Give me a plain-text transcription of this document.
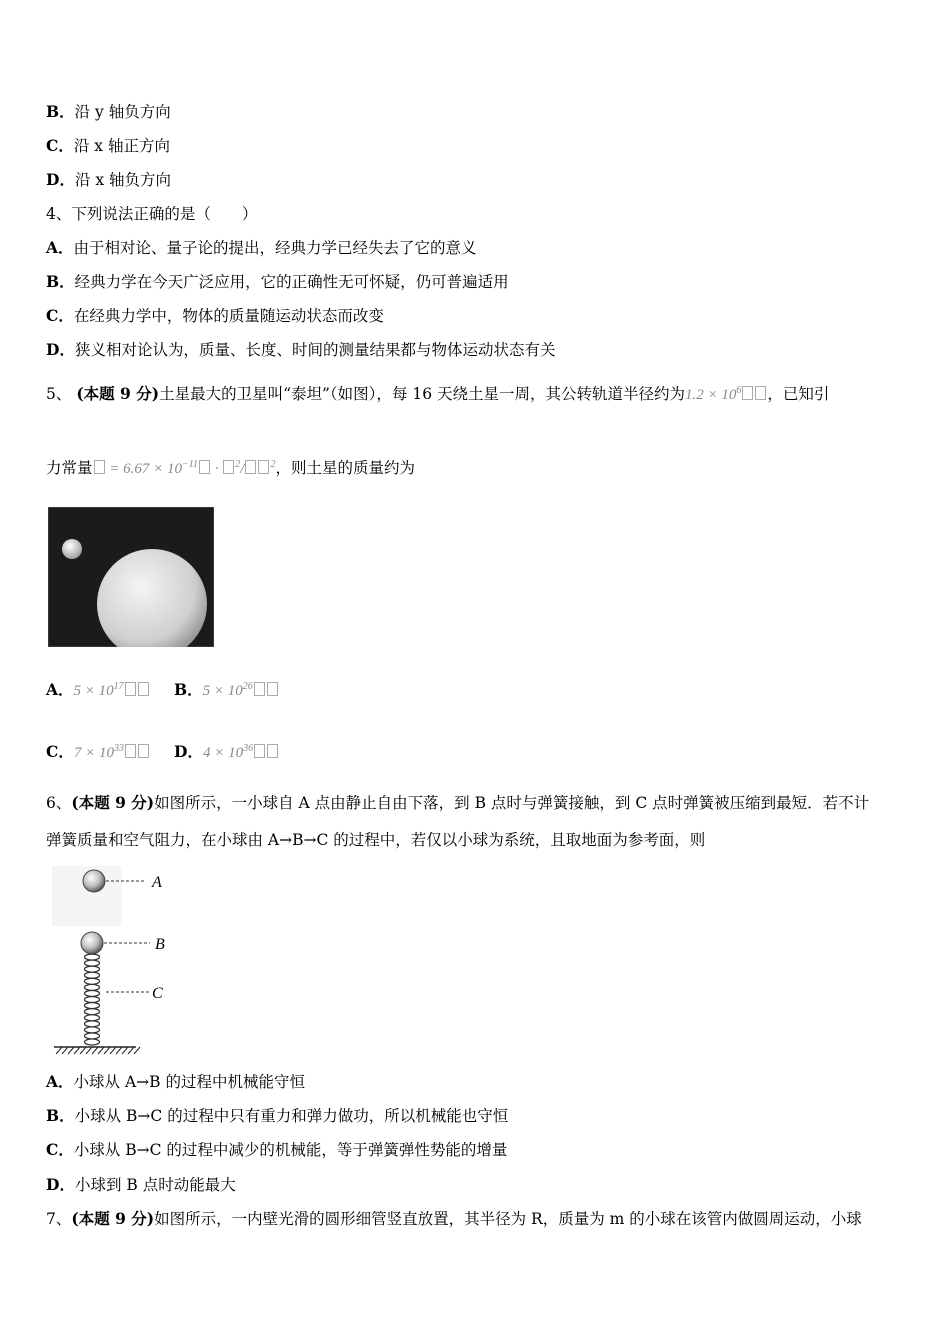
B．沿 y 轴负方向
C．沿 x 轴正方向
D．沿 x 轴负方向
4、下列说法正确的是（　　）
A．由于相对论、量子论的提出，经典力学已经失去了它的意义
B．经典力学在今天广泛应用，它的正确性无可怀疑，仍可普遍适用
C．在经典力学中，物体的质量随运动状态而改变
D．狭义相对论认为，质量、长度、时间的测量结果都与物体运动状态有关
5、 (本题 9 分)土星最大的卫星叫“泰坦”（如图），每 16 天绕土星一周，其公转轨道半径约为$1.2 \times 10^6$ ，已知引
力常量 = $6.67 \times 10^{-11} \cdot ^2/$	$^2$，则土星的质量约为
A．$5 \times 10^{17}$	B．$5 \times 10^{26}$
C．$7 \times 10^{33}$	D．$4 \times 10^{36}$
6、(本题 9 分)如图所示，一小球自 A 点由静止自由下落，到 B 点时与弹簧接触，到 C 点时弹簧被压缩到最短．若不计
弹簧质量和空气阻力，在小球由 A→B→C 的过程中，若仅以小球为系统，且取地面为参考面，则
A
B
C
A．小球从 A→B 的过程中机械能守恒
B．小球从 B→C 的过程中只有重力和弹力做功，所以机械能也守恒
C．小球从 B→C 的过程中减少的机械能，等于弹簧弹性势能的增量
D．小球到 B 点时动能最大
7、(本题 9 分)如图所示，一内壁光滑的圆形细管竖直放置，其半径为 R，质量为 m 的小球在该管内做圆周运动，小球
